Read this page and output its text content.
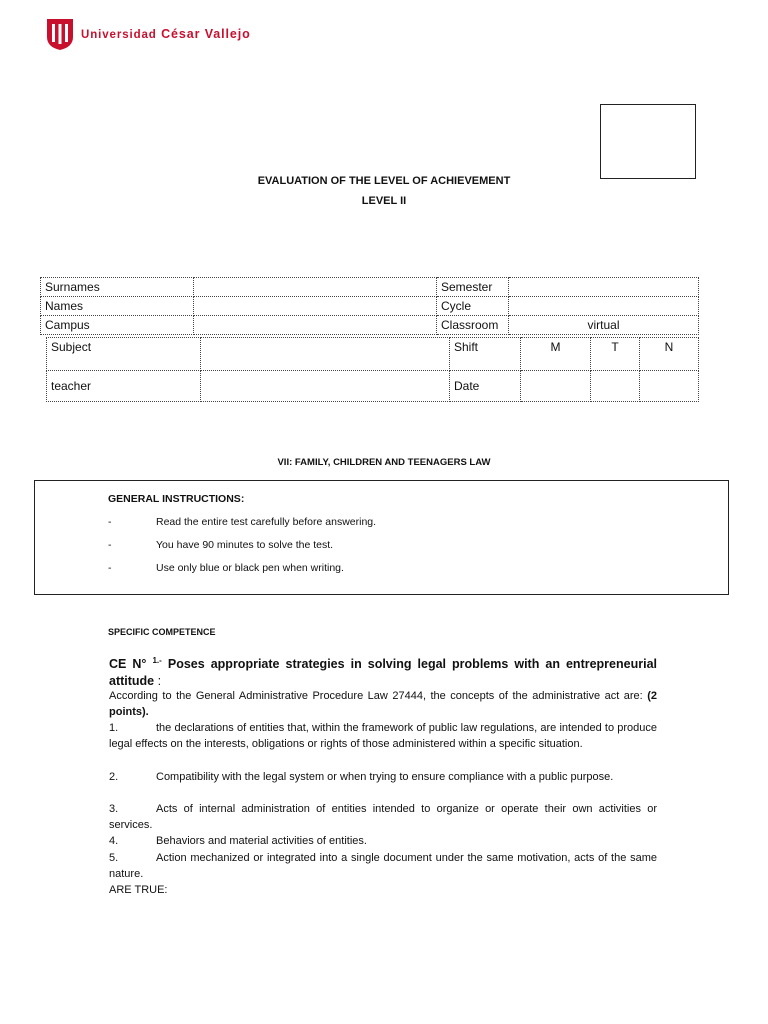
Universidad César Vallejo
EVALUATION OF THE LEVEL OF ACHIEVEMENT
LEVEL II
Surnames		Semester	
Names		Cycle	
Campus		Classroom	virtual
Subject		Shift	M	T	N
teacher		Date			
VII: FAMILY, CHILDREN AND TEENAGERS LAW
GENERAL INSTRUCTIONS:
-	Read the entire test carefully before answering.
-	You have 90 minutes to solve the test.
-	Use only blue or black pen when writing.
SPECIFIC COMPETENCE
CE N° $^{1.-}$ Poses appropriate strategies in solving legal problems with an entrepreneurial attitude :
According to the General Administrative Procedure Law 27444, the concepts of the administrative act are: (2 points).
1.	the declarations of entities that, within the framework of public law regulations, are intended to produce legal effects on the interests, obligations or rights of those administered within a specific situation.
2.	Compatibility with the legal system or when trying to ensure compliance with a public purpose.
3.	Acts of internal administration of entities intended to organize or operate their own activities or services.
4.	Behaviors and material activities of entities.
5.	Action mechanized or integrated into a single document under the same motivation, acts of the same nature.
ARE TRUE:
